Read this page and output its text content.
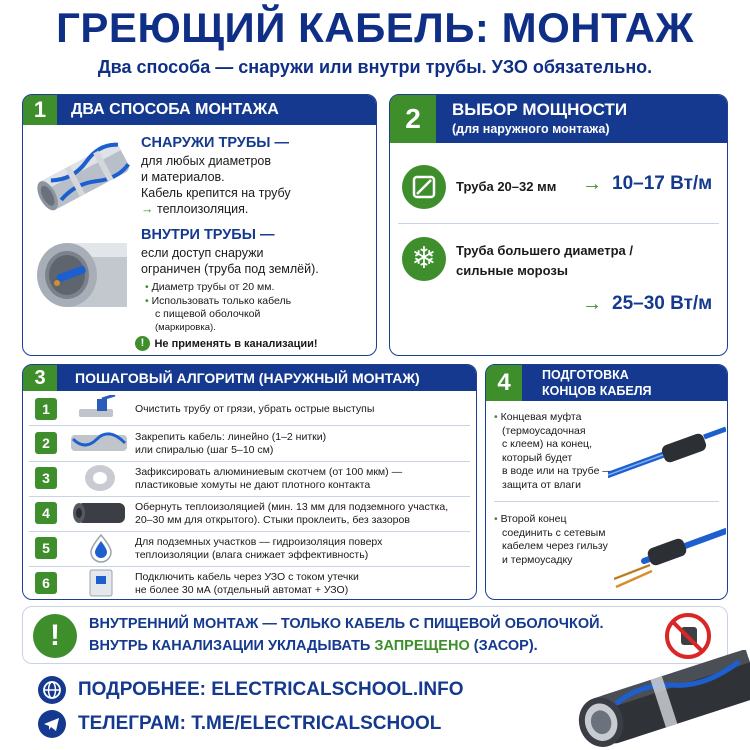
ГРЕЮЩИЙ КАБЕЛЬ: МОНТАЖ
Два способа — снаружи или внутри трубы. УЗО обязательно.
1	ДВА СПОСОБА МОНТАЖА
СНАРУЖИ ТРУБЫ —
для любых диаметров
и материалов.
Кабель крепится на трубу
→ теплоизоляция.
ВНУТРИ ТРУБЫ —
если доступ снаружи
ограничен (труба под землёй).
• Диаметр трубы от 20 мм.
• Использовать только кабель
с пищевой оболочкой
(маркировка).
! Не применять в канализации!
2	ВЫБОР МОЩНОСТИ
(для наружного монтажа)
Труба 20–32 мм → 10–17 Вт/м
❄	Труба большего диаметра /
сильные морозы
→ 25–30 Вт/м
3	ПОШАГОВЫЙ АЛГОРИТМ (НАРУЖНЫЙ МОНТАЖ)
1	Очистить трубу от грязи, убрать острые выступы
2	Закрепить кабель: линейно (1–2 нитки)
или спиралью (шаг 5–10 см)
3	Зафиксировать алюминиевым скотчем (от 100 мкм) —
пластиковые хомуты не дают плотного контакта
4	Обернуть теплоизоляцией (мин. 13 мм для подземного участка,
20–30 мм для открытого). Стыки проклеить, без зазоров
5	Для подземных участков — гидроизоляция поверх
теплоизоляции (влага снижает эффективность)
6	Подключить кабель через УЗО с током утечки
не более 30 мА (отдельный автомат + УЗО)
4	ПОДГОТОВКА
КОНЦОВ КАБЕЛЯ
• Концевая муфта
(термоусадочная
с клеем) на конец,
который будет
в воде или на трубе —
защита от влаги
• Второй конец
соединить с сетевым
кабелем через гильзу
и термоусадку
!	ВНУТРЕННИЙ МОНТАЖ — ТОЛЬКО КАБЕЛЬ С ПИЩЕВОЙ ОБОЛОЧКОЙ.
ВНУТРЬ КАНАЛИЗАЦИИ УКЛАДЫВАТЬ ЗАПРЕЩЕНО (ЗАСОР).
ПОДРОБНЕЕ: ELECTRICALSCHOOL.INFO
ТЕЛЕГРАМ: T.ME/ELECTRICALSCHOOL
